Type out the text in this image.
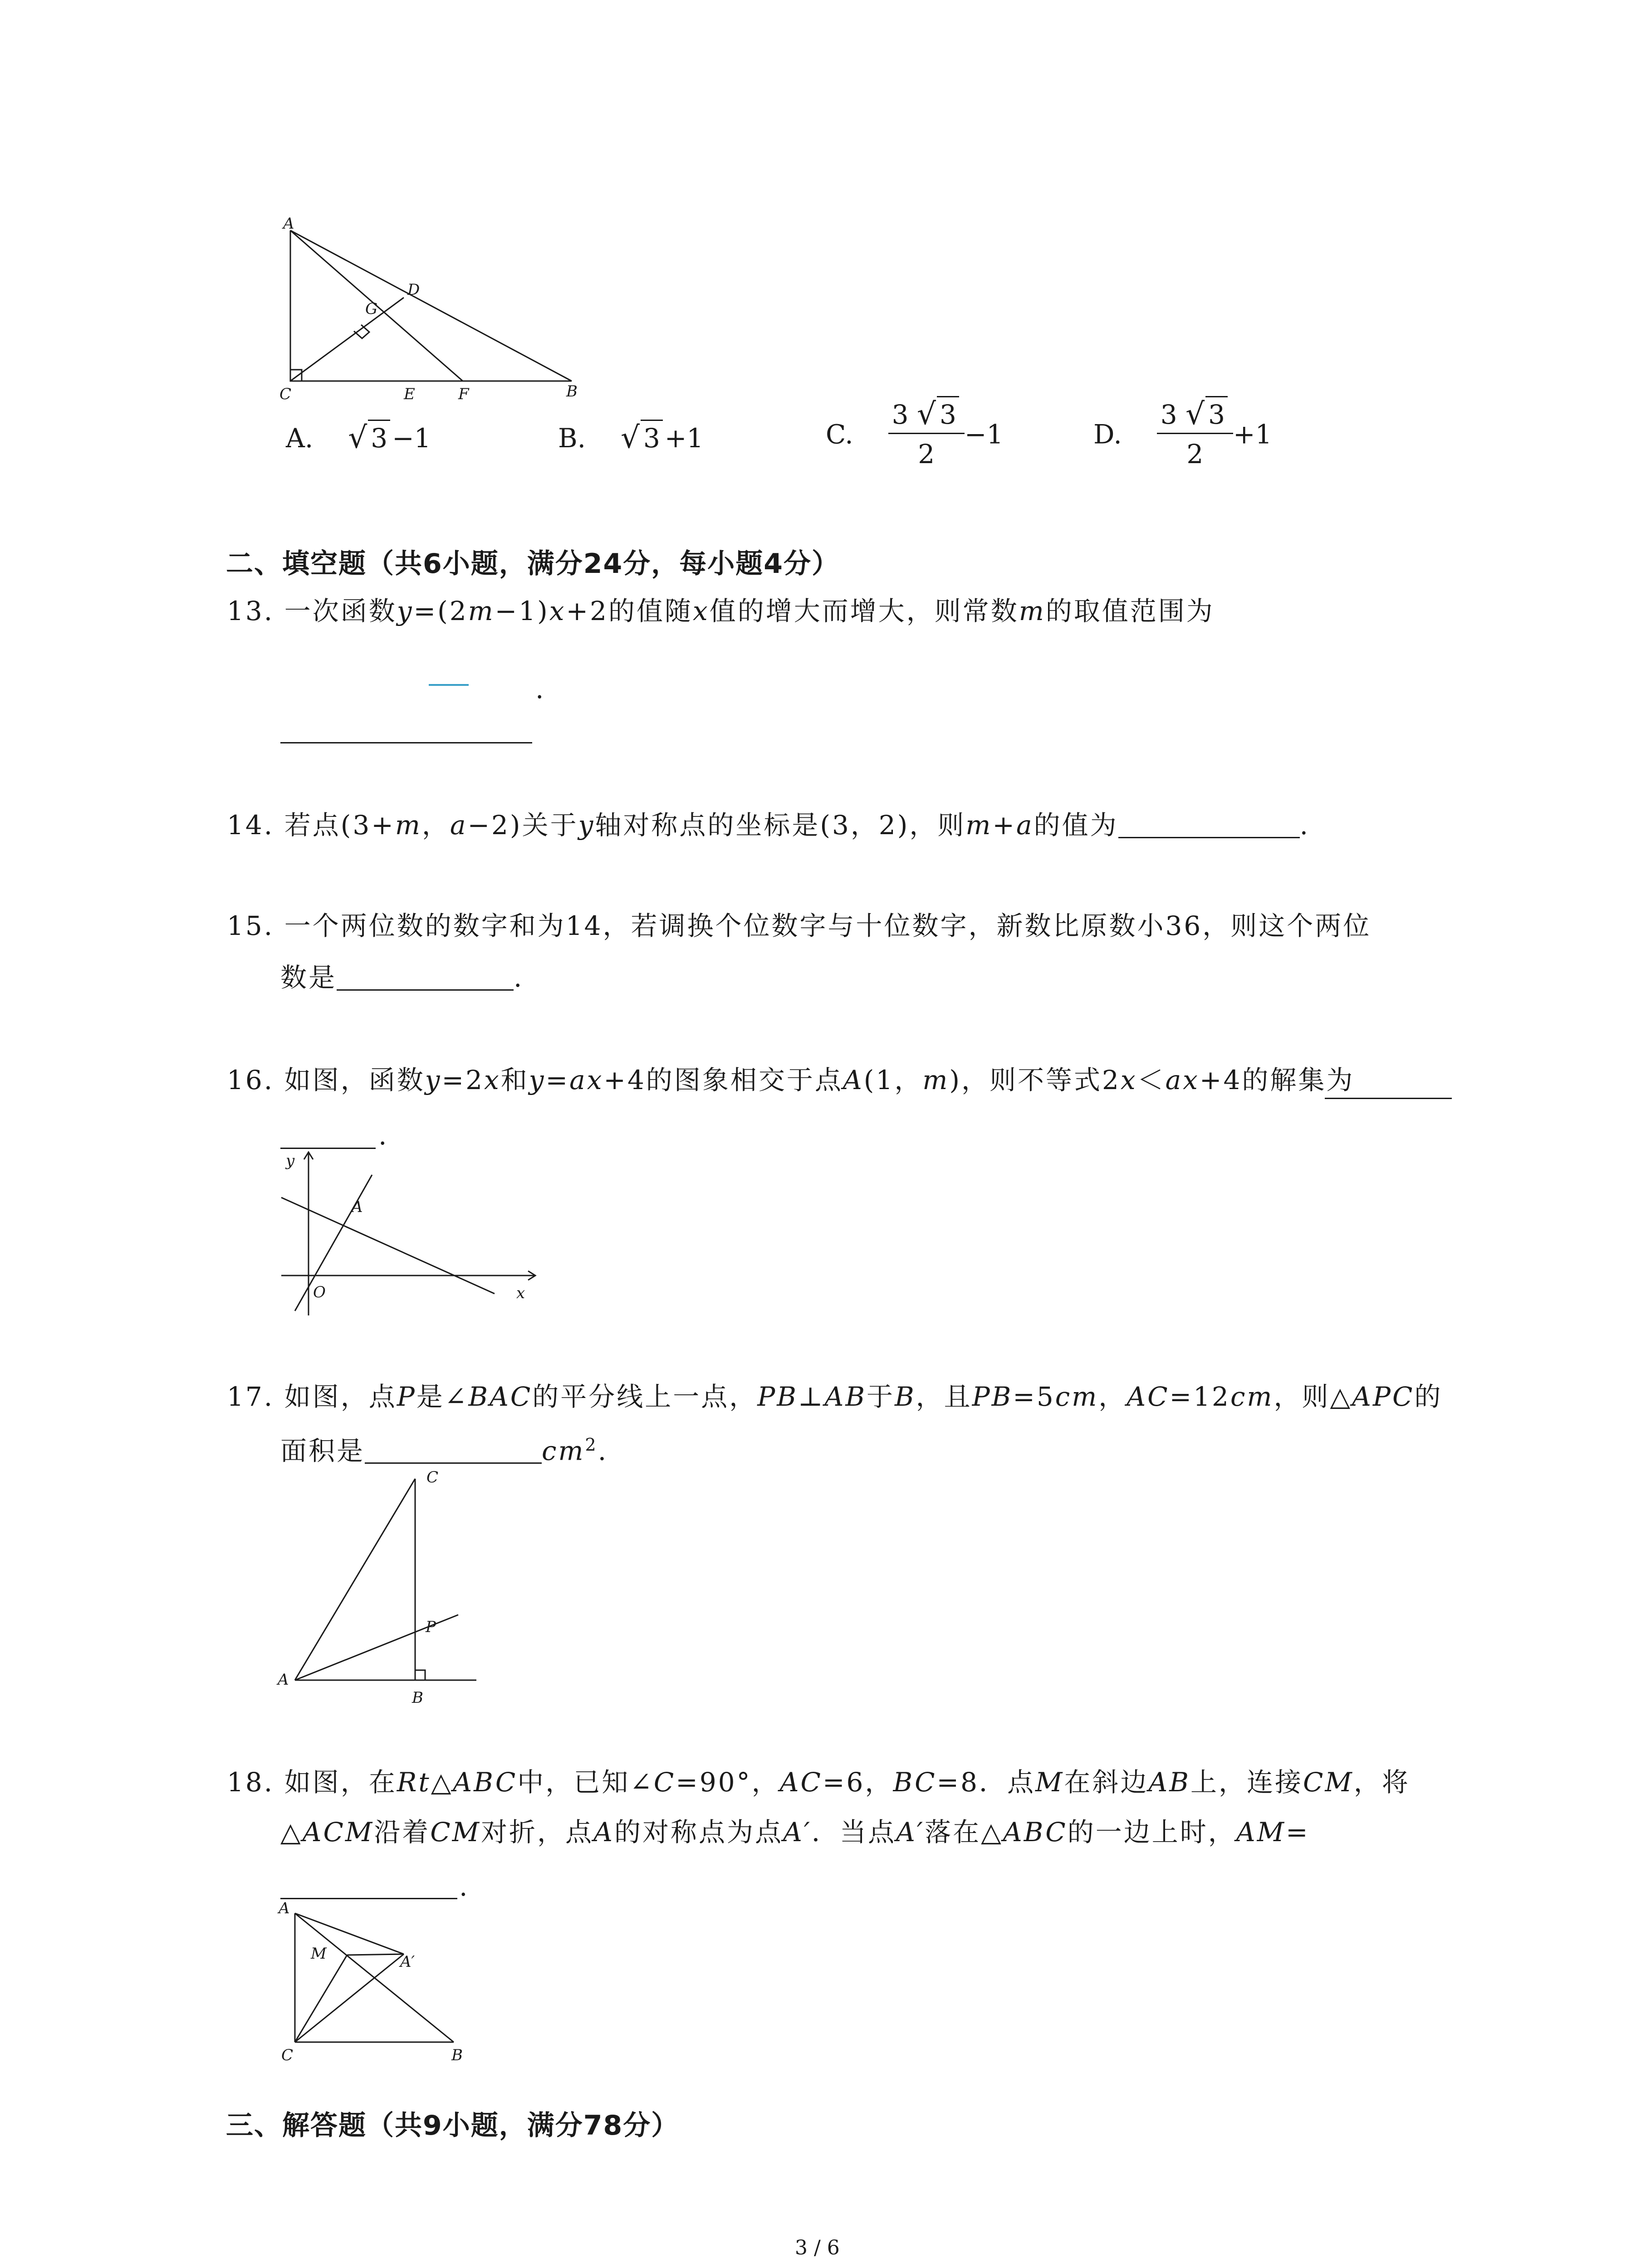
A
D
G
C	E	F	B
A. √ 3 −1	B. √ 3 +1	C. $\frac{3 √ 3}{2} -1$	D. $\frac{3 √ 3}{2} +1$
二、填空题（共6小题，满分24分，每小题4分）
13. 一次函数y=(2m−1)x+2的值随x值的增大而增大，则常数m的取值范围为
.
14. 若点(3+m，a−2)关于y轴对称点的坐标是(3，2)，则m+a的值为	.
15. 一个两位数的数字和为14，若调换个位数字与十位数字，新数比原数小36，则这个两位
数是	.
16. 如图，函数y=2x和y=ax+4的图象相交于点A(1，m)，则不等式2x＜ax+4的解集为
.
y
A
O	x
17. 如图，点P是∠BAC的平分线上一点，PB⊥AB于B，且PB=5cm，AC=12cm，则△APC的
面积是	$cm^2$.
C
P
A
B
18. 如图，在Rt△ABC中，已知∠C=90°，AC=6，BC=8．点M在斜边AB上，连接CM，将
△ACM沿着CM对折，点A的对称点为点A′．当点A′落在△ABC的一边上时，AM=
.
A
M	A′
C	B
三、解答题（共9小题，满分78分）
3 / 6
